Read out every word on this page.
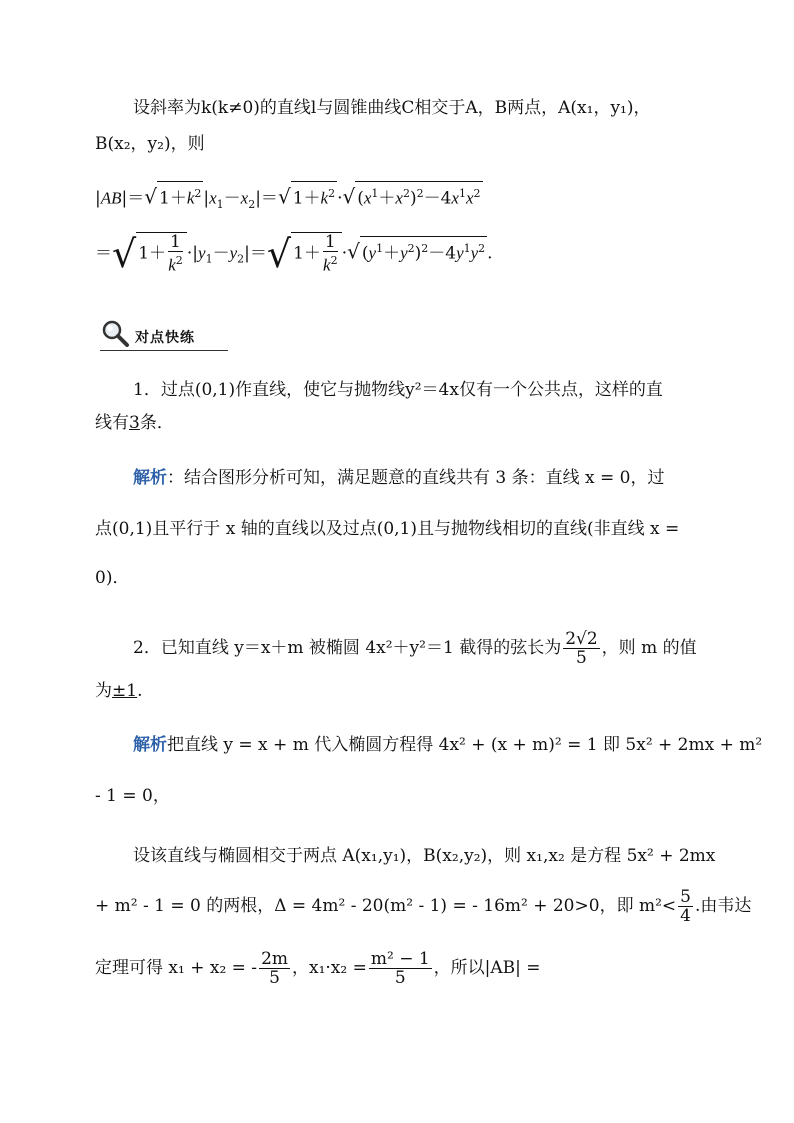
设斜率为k(k≠0)的直线l与圆锥曲线C相交于A，B两点，A(x₁，y₁)，
B(x₂，y₂)，则
|AB|＝√ $1+k^2$ $|x_1-x_2|=√$ $1+k^2$ ·√ $(x^1+x^2)^2-4x^1x^2$
＝√ $1+ \frac{1}{k^2} \cdot|y_1-y_2|=√$ $1+ \frac{1}{k^2}$ ·√ $(y^1+y^2)^2-4y^1y^2$ .
对点快练
1．过点(0,1)作直线，使它与抛物线y²＝4x仅有一个公共点，这样的直
线有3条．
解析：结合图形分析可知，满足题意的直线共有 3 条：直线 x = 0，过
点(0,1)且平行于 x 轴的直线以及过点(0,1)且与抛物线相切的直线(非直线 x =
0)．
2．已知直线 y＝x＋m 被椭圆 4x²＋y²＝1 截得的弦长为 $\frac{2√2}{5}$ ，则 m 的值
为±1.
解析把直线 y = x + m 代入椭圆方程得 4x² + (x + m)² = 1 即 5x² + 2mx + m²
- 1 = 0，
设该直线与椭圆相交于两点 A(x₁,y₁)，B(x₂,y₂)，则 x₁,x₂ 是方程 5x² + 2mx
+ m² - 1 = 0 的两根，Δ = 4m² - 20(m² - 1) = - 16m² + 20>0，即 $m^2< \frac{5}{4}$ .由韦达
定理可得 x₁ + x₂ = - $\frac{2m}{5}$ ，$x_1\cdot x_2 = \frac{\text{m² − 1}}{5}$ ，所以|AB| =
